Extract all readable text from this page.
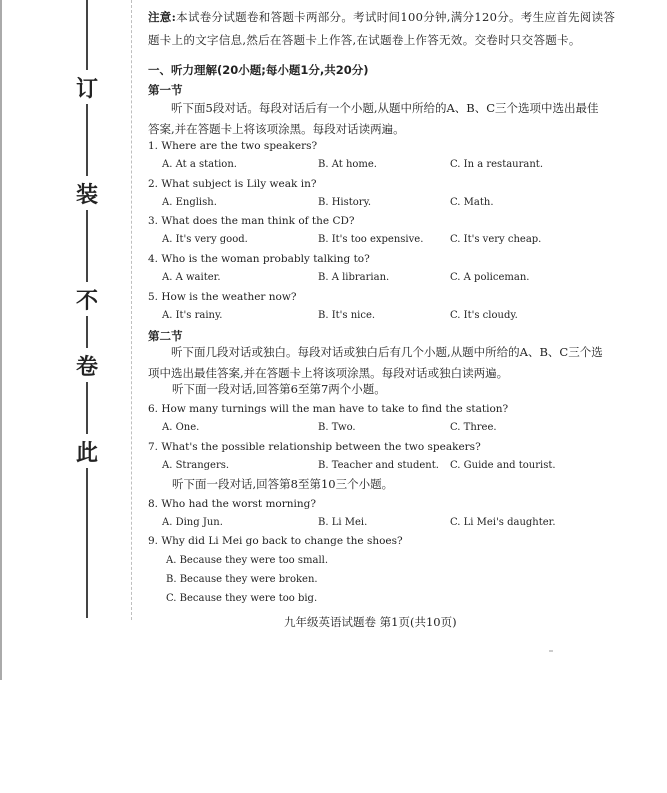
订
装
不
卷
此
注意:本试卷分试题卷和答题卡两部分。考试时间100分钟,满分120分。考生应首先阅读答题卡上的文字信息,然后在答题卡上作答,在试题卷上作答无效。交卷时只交答题卡。
一、听力理解(20小题;每小题1分,共20分)
第一节
听下面5段对话。每段对话后有一个小题,从题中所给的A、B、C三个选项中选出最佳答案,并在答题卡上将该项涂黑。每段对话读两遍。
1. Where are the two speakers?
A. At a station.	B. At home.	C. In a restaurant.
2. What subject is Lily weak in?
A. English.	B. History.	C. Math.
3. What does the man think of the CD?
A. It's very good.	B. It's too expensive.	C. It's very cheap.
4. Who is the woman probably talking to?
A. A waiter.	B. A librarian.	C. A policeman.
5. How is the weather now?
A. It's rainy.	B. It's nice.	C. It's cloudy.
第二节
听下面几段对话或独白。每段对话或独白后有几个小题,从题中所给的A、B、C三个选项中选出最佳答案,并在答题卡上将该项涂黑。每段对话或独白读两遍。
听下面一段对话,回答第6至第7两个小题。
6. How many turnings will the man have to take to find the station?
A. One.	B. Two.	C. Three.
7. What's the possible relationship between the two speakers?
A. Strangers.	B. Teacher and student. C. Guide and tourist.
听下面一段对话,回答第8至第10三个小题。
8. Who had the worst morning?
A. Ding Jun.	B. Li Mei.	C. Li Mei's daughter.
9. Why did Li Mei go back to change the shoes?
A. Because they were too small.
B. Because they were broken.
C. Because they were too big.
九年级英语试题卷 第1页(共10页)
